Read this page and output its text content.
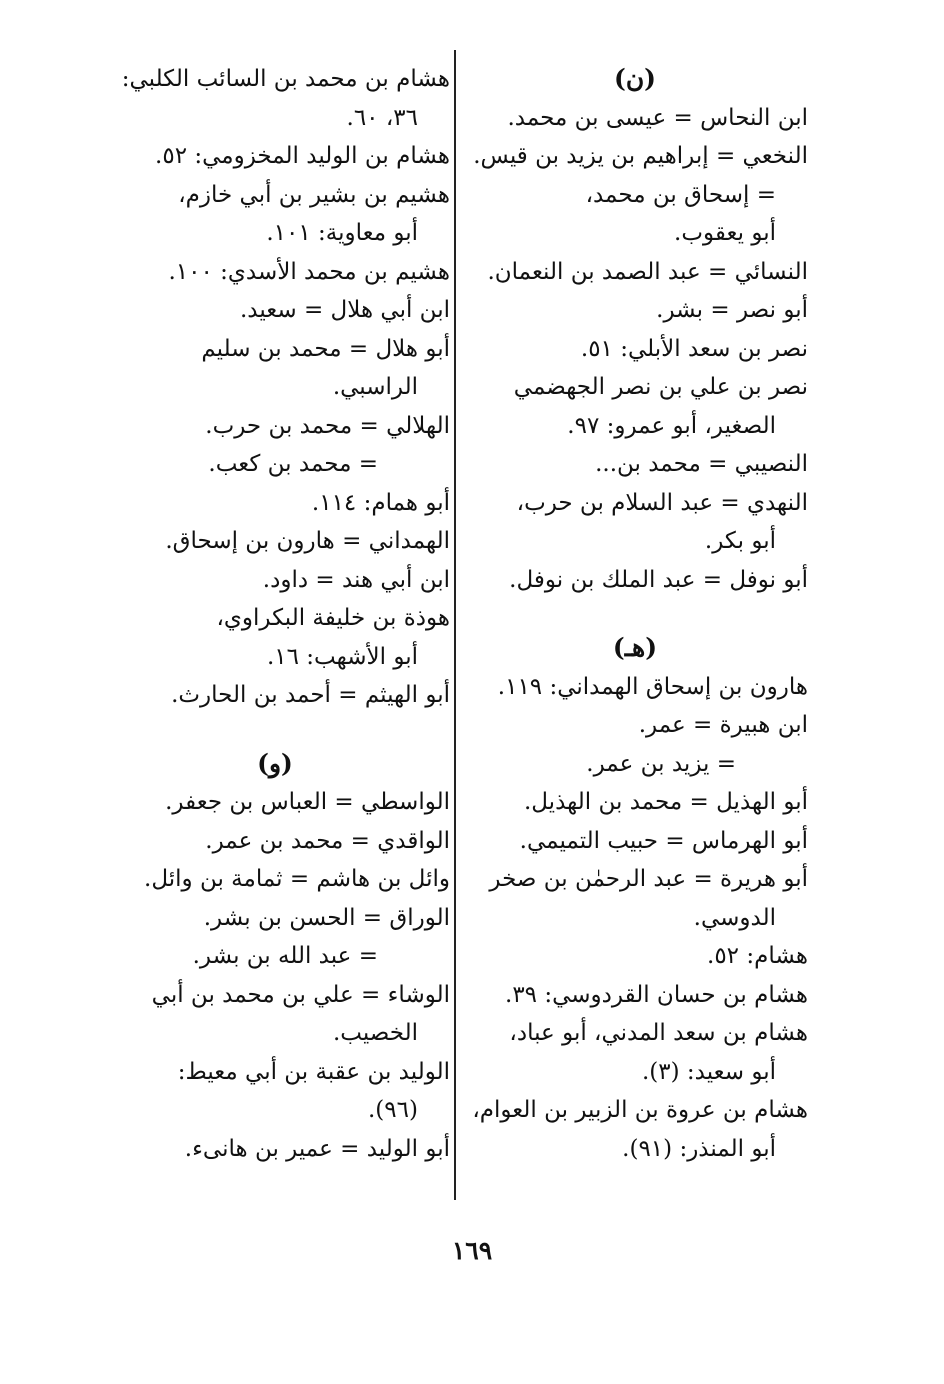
(ن)
ابن النحاس = عيسى بن محمد.
النخعي = إبراهيم بن يزيد بن قيس.
= إسحاق بن محمد،
أبو يعقوب.
النسائي = عبد الصمد بن النعمان.
أبو نصر = بشر.
نصر بن سعد الأبلي: ٥١.
نصر بن علي بن نصر الجهضمي
الصغير، أبو عمرو: ٩٧.
النصيبي = محمد بن...
النهدي = عبد السلام بن حرب،
أبو بكر.
أبو نوفل = عبد الملك بن نوفل.
(هـ)
هارون بن إسحاق الهمداني: ١١٩.
ابن هبيرة = عمر.
= يزيد بن عمر.
أبو الهذيل = محمد بن الهذيل.
أبو الهرماس = حبيب التميمي.
أبو هريرة = عبد الرحمٰن بن صخر
الدوسي.
هشام: ٥٢.
هشام بن حسان القردوسي: ٣٩.
هشام بن سعد المدني، أبو عباد،
أبو سعيد: (٣).
هشام بن عروة بن الزبير بن العوام،
أبو المنذر: (٩١).
هشام بن محمد بن السائب الكلبي:
٣٦، ٦٠.
هشام بن الوليد المخزومي: ٥٢.
هشيم بن بشير بن أبي خازم،
أبو معاوية: ١٠١.
هشيم بن محمد الأسدي: ١٠٠.
ابن أبي هلال = سعيد.
أبو هلال = محمد بن سليم
الراسبي.
الهلالي = محمد بن حرب.
= محمد بن كعب.
أبو همام: ١١٤.
الهمداني = هارون بن إسحاق.
ابن أبي هند = داود.
هوذة بن خليفة البكراوي،
أبو الأشهب: ١٦.
أبو الهيثم = أحمد بن الحارث.
(و)
الواسطي = العباس بن جعفر.
الواقدي = محمد بن عمر.
وائل بن هاشم = ثمامة بن وائل.
الوراق = الحسن بن بشر.
= عبد الله بن بشر.
الوشاء = علي بن محمد بن أبي
الخصيب.
الوليد بن عقبة بن أبي معيط:
(٩٦).
أبو الوليد = عمير بن هانىء.
١٦٩
